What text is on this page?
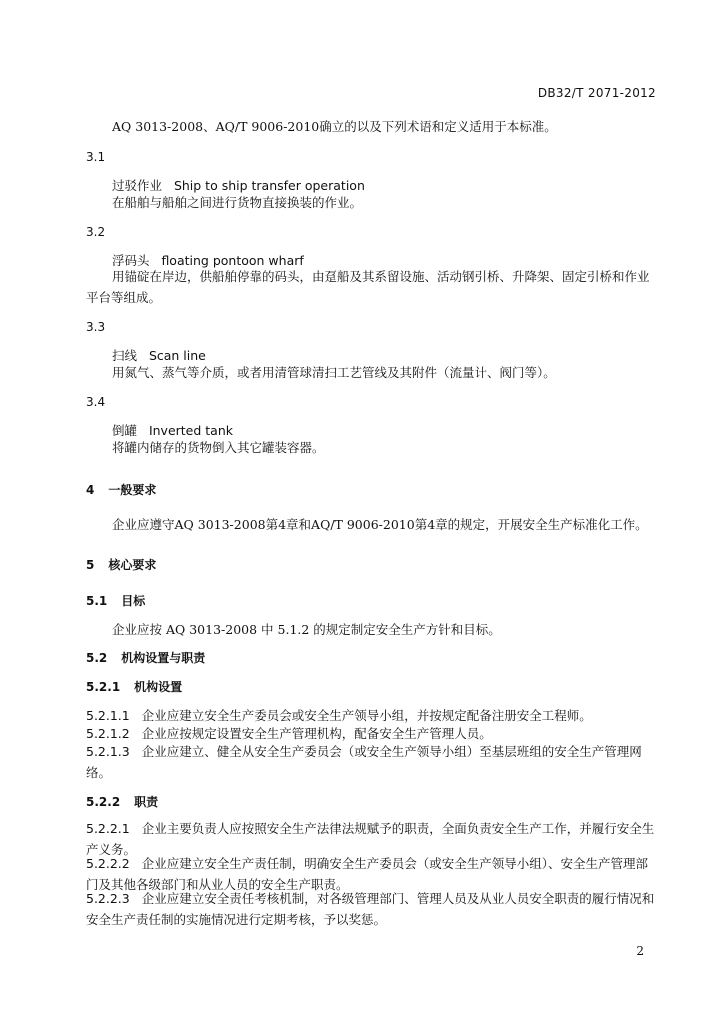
DB32/T 2071-2012
AQ 3013-2008、AQ/T 9006-2010确立的以及下列术语和定义适用于本标准。
3.1
过驳作业 Ship to ship transfer operation
在船舶与船舶之间进行货物直接换装的作业。
3.2
浮码头 floating pontoon wharf
用锚碇在岸边，供船舶停靠的码头，由趸船及其系留设施、活动钢引桥、升降架、固定引桥和作业平台等组成。
3.3
扫线 Scan line
用氮气、蒸气等介质，或者用清管球清扫工艺管线及其附件（流量计、阀门等）。
3.4
倒罐 Inverted tank
将罐内储存的货物倒入其它罐装容器。
4 一般要求
企业应遵守AQ 3013-2008第4章和AQ/T 9006-2010第4章的规定，开展安全生产标准化工作。
5 核心要求
5.1 目标
企业应按 AQ 3013-2008 中 5.1.2 的规定制定安全生产方针和目标。
5.2 机构设置与职责
5.2.1 机构设置
5.2.1.1 企业应建立安全生产委员会或安全生产领导小组，并按规定配备注册安全工程师。
5.2.1.2 企业应按规定设置安全生产管理机构，配备安全生产管理人员。
5.2.1.3 企业应建立、健全从安全生产委员会（或安全生产领导小组）至基层班组的安全生产管理网络。
5.2.2 职责
5.2.2.1 企业主要负责人应按照安全生产法律法规赋予的职责，全面负责安全生产工作，并履行安全生产义务。
5.2.2.2 企业应建立安全生产责任制，明确安全生产委员会（或安全生产领导小组）、安全生产管理部门及其他各级部门和从业人员的安全生产职责。
5.2.2.3 企业应建立安全责任考核机制，对各级管理部门、管理人员及从业人员安全职责的履行情况和安全生产责任制的实施情况进行定期考核，予以奖惩。
2
